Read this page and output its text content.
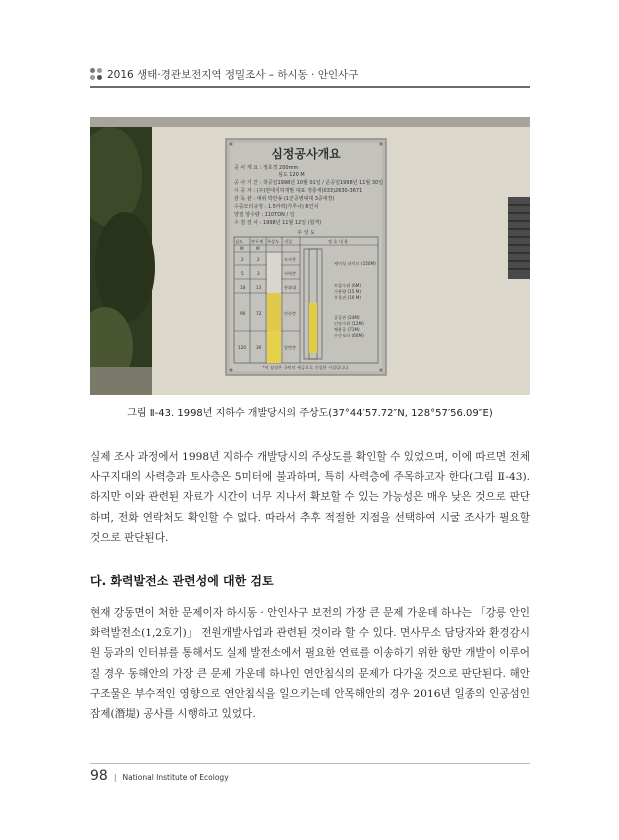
2016 생태·경관보전지역 정밀조사 – 하시동 · 안인사구
심정공사개요
공 사 개 요 : 정호경 200mm
심도 120 M
공 사 기 간 : 착공일1998년 10월 01일 / 준공일1998년 11월 30일
시 공 자 : (주)천대지하개발 대표 정충세(033)2630-3671
감 독 관 : 대위 박만송 (1군공병대대 3중대장)
수중모터규정 : 1.5마력(가루나) 6인치
양질 양수량 : 110TON / 일
수 질 검 사 : 1998년 11월 12일 (합격)
주 상 도
심도 층두께 주상도 지질	정 호 내 용
M	M
2
5
18
90
120
2
3
13
72
30
토사층
사력층
풍화대
안산층
암반층
케이싱 파이프 (150M)
토압수위 (6M)
가용량 (15 M)
우물관 (10 M)
공공관 (24M)
인장수위 (12M)
채용공 (71M)
수중모터 (60M)
*이 심정은 국민의 세금으로 건설한 시설입니다.
그림 Ⅱ-43. 1998년 지하수 개발당시의 주상도(37°44′57.72″N, 128°57′56.09″E)

실제 조사 과정에서 1998년 지하수 개발당시의 주상도를 확인할 수 있었으며, 이에 따르면 전체 사구지대의 사력층과 토사층은 5미터에 불과하며, 특히 사력층에 주목하고자 한다(그림 Ⅱ-43). 하지만 이와 관련된 자료가 시간이 너무 지나서 확보할 수 있는 가능성은 매우 낮은 것으로 판단하며, 전화 연락처도 확인할 수 없다. 따라서 추후 적절한 지점을 선택하여 시굴 조사가 필요할 것으로 판단된다.

다. 화력발전소 관련성에 대한 검토

현재 강동면이 처한 문제이자 하시동 · 안인사구 보전의 가장 큰 문제 가운데 하나는 「강릉 안인화력발전소(1,2호기)」 전원개발사업과 관련된 것이라 할 수 있다. 면사무소 담당자와 환경감시원 등과의 인터뷰를 통해서도 실제 발전소에서 필요한 연료를 이송하기 위한 항만 개발이 이루어질 경우 동해안의 가장 큰 문제 가운데 하나인 연안침식의 문제가 다가올 것으로 판단된다. 해안구조물은 부수적인 영향으로 연안침식을 일으키는데 안목해안의 경우 2016년 일종의 인공섬인 잠제(潛堤) 공사를 시행하고 있었다.

98 | National Institute of Ecology
